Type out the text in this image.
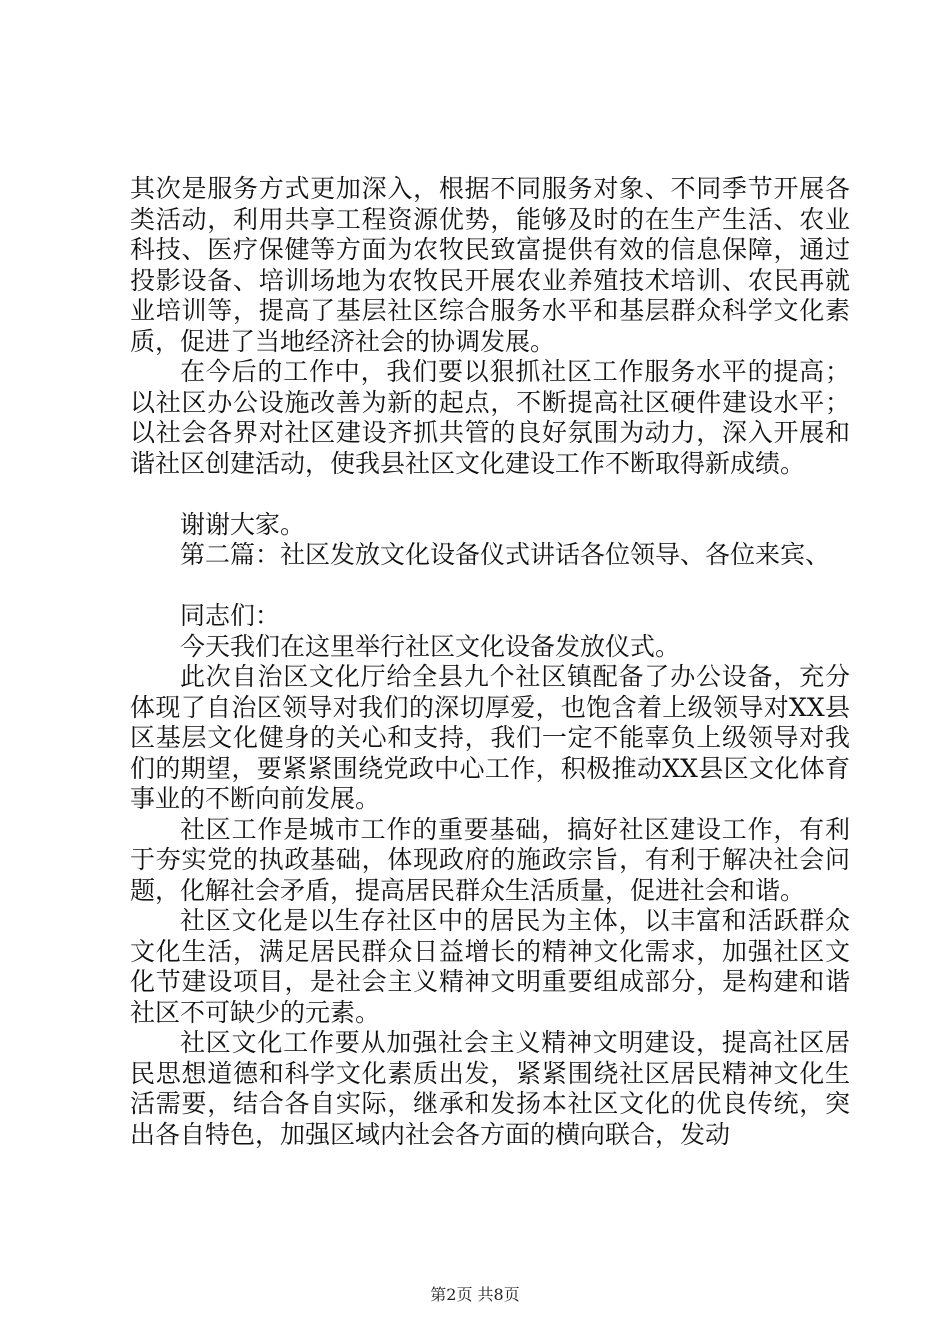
其次是服务方式更加深入，根据不同服务对象、不同季节开展各类活动，利用共享工程资源优势，能够及时的在生产生活、农业科技、医疗保健等方面为农牧民致富提供有效的信息保障，通过投影设备、培训场地为农牧民开展农业养殖技术培训、农民再就业培训等，提高了基层社区综合服务水平和基层群众科学文化素质，促进了当地经济社会的协调发展。

在今后的工作中，我们要以狠抓社区工作服务水平的提高；以社区办公设施改善为新的起点，不断提高社区硬件建设水平；以社会各界对社区建设齐抓共管的良好氛围为动力，深入开展和谐社区创建活动，使我县社区文化建设工作不断取得新成绩。

谢谢大家。

第二篇：社区发放文化设备仪式讲话各位领导、各位来宾、

同志们：

今天我们在这里举行社区文化设备发放仪式。

此次自治区文化厅给全县九个社区镇配备了办公设备，充分体现了自治区领导对我们的深切厚爱，也饱含着上级领导对XX县区基层文化健身的关心和支持，我们一定不能辜负上级领导对我们的期望，要紧紧围绕党政中心工作，积极推动XX县区文化体育事业的不断向前发展。

社区工作是城市工作的重要基础，搞好社区建设工作，有利于夯实党的执政基础，体现政府的施政宗旨，有利于解决社会问题，化解社会矛盾，提高居民群众生活质量，促进社会和谐。

社区文化是以生存社区中的居民为主体，以丰富和活跃群众文化生活，满足居民群众日益增长的精神文化需求，加强社区文化节建设项目，是社会主义精神文明重要组成部分，是构建和谐社区不可缺少的元素。

社区文化工作要从加强社会主义精神文明建设，提高社区居民思想道德和科学文化素质出发，紧紧围绕社区居民精神文化生活需要，结合各自实际，继承和发扬本社区文化的优良传统，突出各自特色，加强区域内社会各方面的横向联合，发动

第2页 共8页
